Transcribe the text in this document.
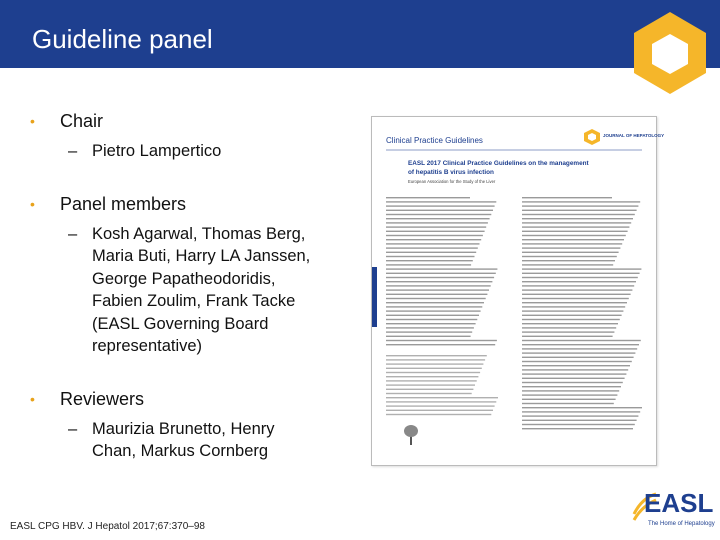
Guideline panel
• Chair
– Pietro Lampertico
• Panel members
– Kosh Agarwal, Thomas Berg,
Maria Buti, Harry LA Janssen,
George Papatheodoridis,
Fabien Zoulim, Frank Tacke
(EASL Governing Board
representative)
• Reviewers
– Maurizia Brunetto, Henry
Chan, Markus Cornberg
Clinical Practice Guidelines
JOURNAL OF HEPATOLOGY
EASL 2017 Clinical Practice Guidelines on the management
of hepatitis B virus infection
European Association for the Study of the Liver
EASL CPG HBV. J Hepatol 2017;67:370–98
EASL
The Home of Hepatology
